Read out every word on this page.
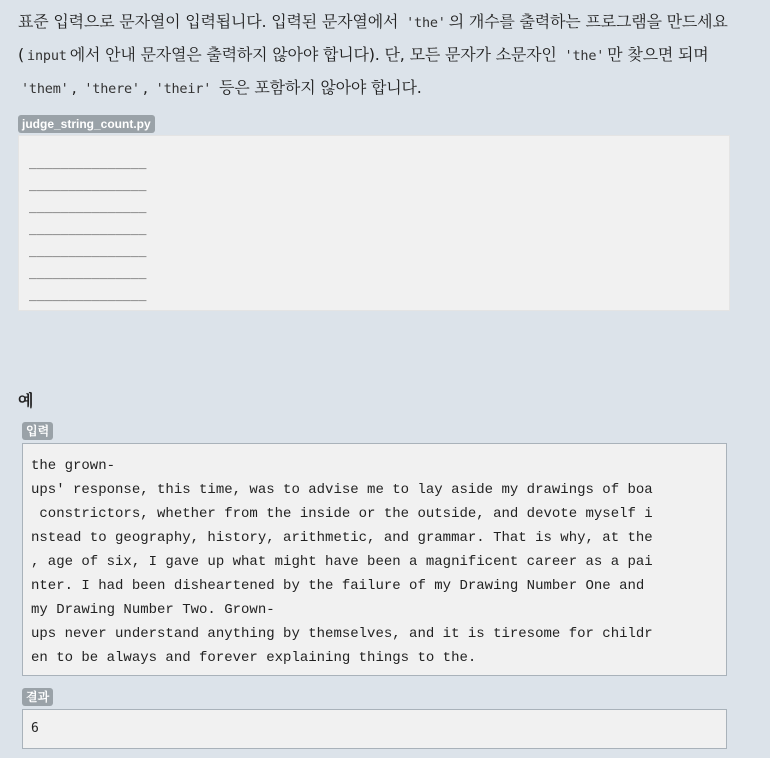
표준 입력으로 문자열이 입력됩니다. 입력된 문자열에서 'the' 의 개수를 출력하는 프로그램을 만드세요( input 에서 안내 문자열은 출력하지 않아야 합니다). 단, 모든 문자가 소문자인 'the' 만 찾으면 되며 'them' , 'there' , 'their' 등은 포함하지 않아야 합니다.

judge_string_count.py
_______________
_______________
_______________
_______________
_______________
_______________
_______________
예
입력
the grown-
ups' response, this time, was to advise me to lay aside my drawings of boa
constrictors, whether from the inside or the outside, and devote myself i
nstead to geography, history, arithmetic, and grammar. That is why, at the
, age of six, I gave up what might have been a magnificent career as a pai
nter. I had been disheartened by the failure of my Drawing Number One and
my Drawing Number Two. Grown-
ups never understand anything by themselves, and it is tiresome for childr
en to be always and forever explaining things to the.
결과
6
